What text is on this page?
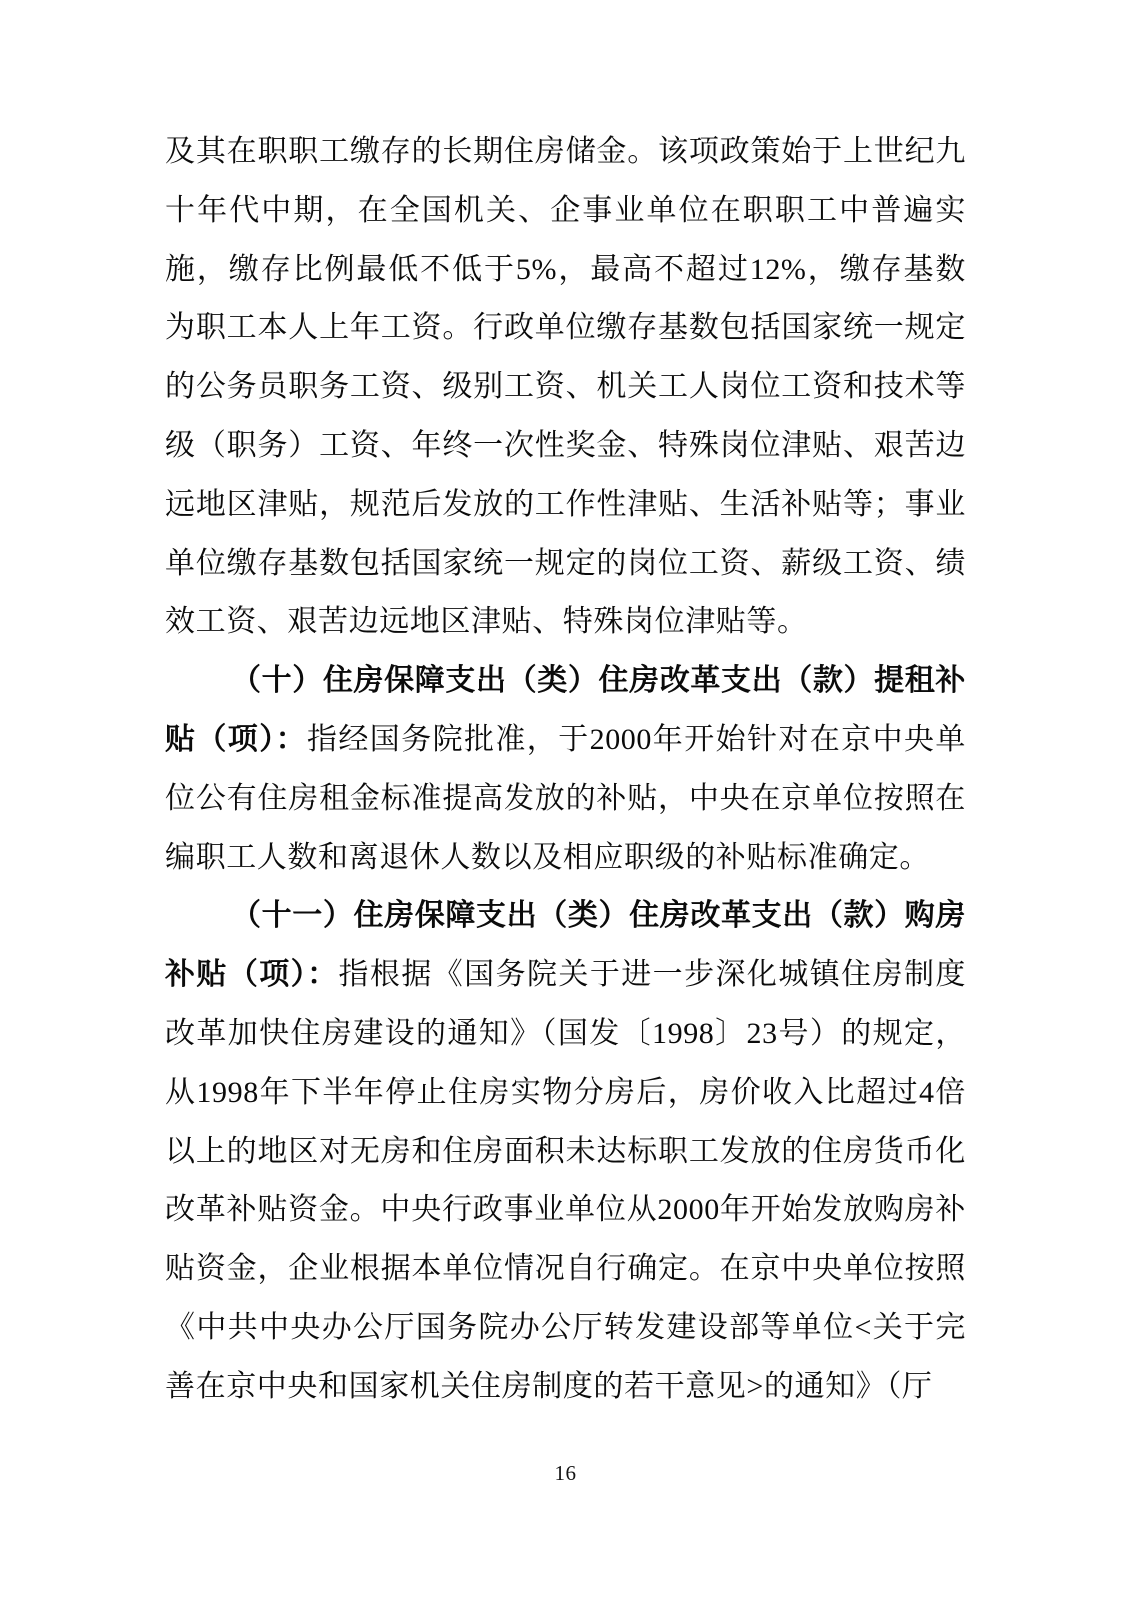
及其在职职工缴存的长期住房储金。该项政策始于上世纪九十年代中期，在全国机关、企事业单位在职职工中普遍实施，缴存比例最低不低于5%，最高不超过12%，缴存基数为职工本人上年工资。行政单位缴存基数包括国家统一规定的公务员职务工资、级别工资、机关工人岗位工资和技术等级（职务）工资、年终一次性奖金、特殊岗位津贴、艰苦边远地区津贴，规范后发放的工作性津贴、生活补贴等；事业单位缴存基数包括国家统一规定的岗位工资、薪级工资、绩效工资、艰苦边远地区津贴、特殊岗位津贴等。

（十）住房保障支出（类）住房改革支出（款）提租补贴（项）：指经国务院批准，于2000年开始针对在京中央单位公有住房租金标准提高发放的补贴，中央在京单位按照在编职工人数和离退休人数以及相应职级的补贴标准确定。

（十一）住房保障支出（类）住房改革支出（款）购房补贴（项）：指根据《国务院关于进一步深化城镇住房制度改革加快住房建设的通知》（国发〔1998〕23号）的规定，从1998年下半年停止住房实物分房后，房价收入比超过4倍以上的地区对无房和住房面积未达标职工发放的住房货币化改革补贴资金。中央行政事业单位从2000年开始发放购房补贴资金，企业根据本单位情况自行确定。在京中央单位按照《中共中央办公厅国务院办公厅转发建设部等单位<关于完善在京中央和国家机关住房制度的若干意见>的通知》（厅

16
